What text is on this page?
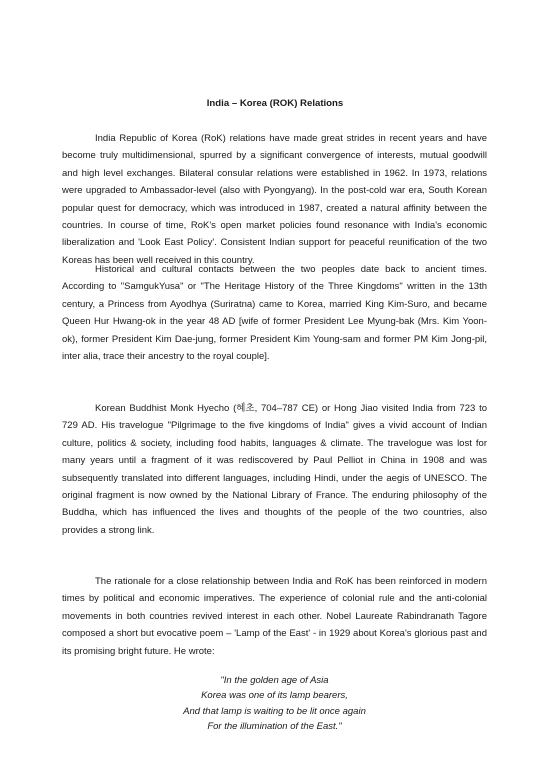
India – Korea (ROK) Relations

India Republic of Korea (RoK) relations have made great strides in recent years and have become truly multidimensional, spurred by a significant convergence of interests, mutual goodwill and high level exchanges. Bilateral consular relations were established in 1962. In 1973, relations were upgraded to Ambassador-level (also with Pyongyang). In the post-cold war era, South Korean popular quest for democracy, which was introduced in 1987, created a natural affinity between the countries. In course of time, RoK's open market policies found resonance with India's economic liberalization and 'Look East Policy'. Consistent Indian support for peaceful reunification of the two Koreas has been well received in this country.

Historical and cultural contacts between the two peoples date back to ancient times. According to "SamgukYusa" or "The Heritage History of the Three Kingdoms" written in the 13th century, a Princess from Ayodhya (Suriratna) came to Korea, married King Kim-Suro, and became Queen Hur Hwang-ok in the year 48 AD [wife of former President Lee Myung-bak (Mrs. Kim Yoon-ok), former President Kim Dae-jung, former President Kim Young-sam and former PM Kim Jong-pil, inter alia, trace their ancestry to the royal couple].

Korean Buddhist Monk Hyecho (혜초, 704–787 CE) or Hong Jiao visited India from 723 to 729 AD. His travelogue "Pilgrimage to the five kingdoms of India" gives a vivid account of Indian culture, politics & society, including food habits, languages & climate. The travelogue was lost for many years until a fragment of it was rediscovered by Paul Pelliot in China in 1908 and was subsequently translated into different languages, including Hindi, under the aegis of UNESCO. The original fragment is now owned by the National Library of France. The enduring philosophy of the Buddha, which has influenced the lives and thoughts of the people of the two countries, also provides a strong link.

The rationale for a close relationship between India and RoK has been reinforced in modern times by political and economic imperatives. The experience of colonial rule and the anti-colonial movements in both countries revived interest in each other. Nobel Laureate Rabindranath Tagore composed a short but evocative poem – 'Lamp of the East' - in 1929 about Korea's glorious past and its promising bright future. He wrote:

"In the golden age of Asia
Korea was one of its lamp bearers,
And that lamp is waiting to be lit once again
For the illumination of the East."
